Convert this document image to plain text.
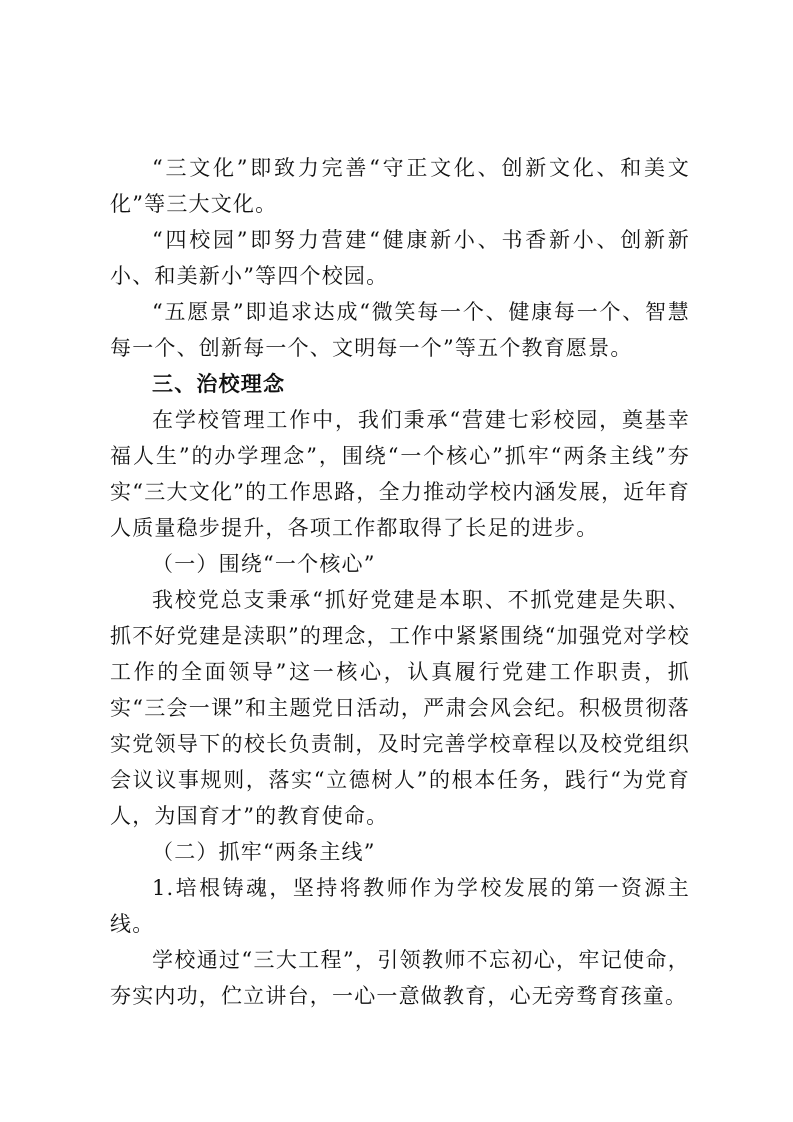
“三文化”即致力完善“守正文化、创新文化、和美文化”等三大文化。

“四校园”即努力营建“健康新小、书香新小、创新新小、和美新小”等四个校园。

“五愿景”即追求达成“微笑每一个、健康每一个、智慧每一个、创新每一个、文明每一个”等五个教育愿景。

三、治校理念

在学校管理工作中，我们秉承“营建七彩校园，奠基幸福人生”的办学理念”，围绕“一个核心”抓牢“两条主线”夯实“三大文化”的工作思路，全力推动学校内涵发展，近年育人质量稳步提升，各项工作都取得了长足的进步。

（一）围绕“一个核心”

我校党总支秉承“抓好党建是本职、不抓党建是失职、抓不好党建是渎职”的理念，工作中紧紧围绕“加强党对学校工作的全面领导”这一核心，认真履行党建工作职责，抓实“三会一课”和主题党日活动，严肃会风会纪。积极贯彻落实党领导下的校长负责制，及时完善学校章程以及校党组织会议议事规则，落实“立德树人”的根本任务，践行“为党育人，为国育才”的教育使命。

（二）抓牢“两条主线”

1.培根铸魂，坚持将教师作为学校发展的第一资源主线。

学校通过“三大工程”，引领教师不忘初心，牢记使命，夯实内功，伫立讲台，一心一意做教育，心无旁骛育孩童。
